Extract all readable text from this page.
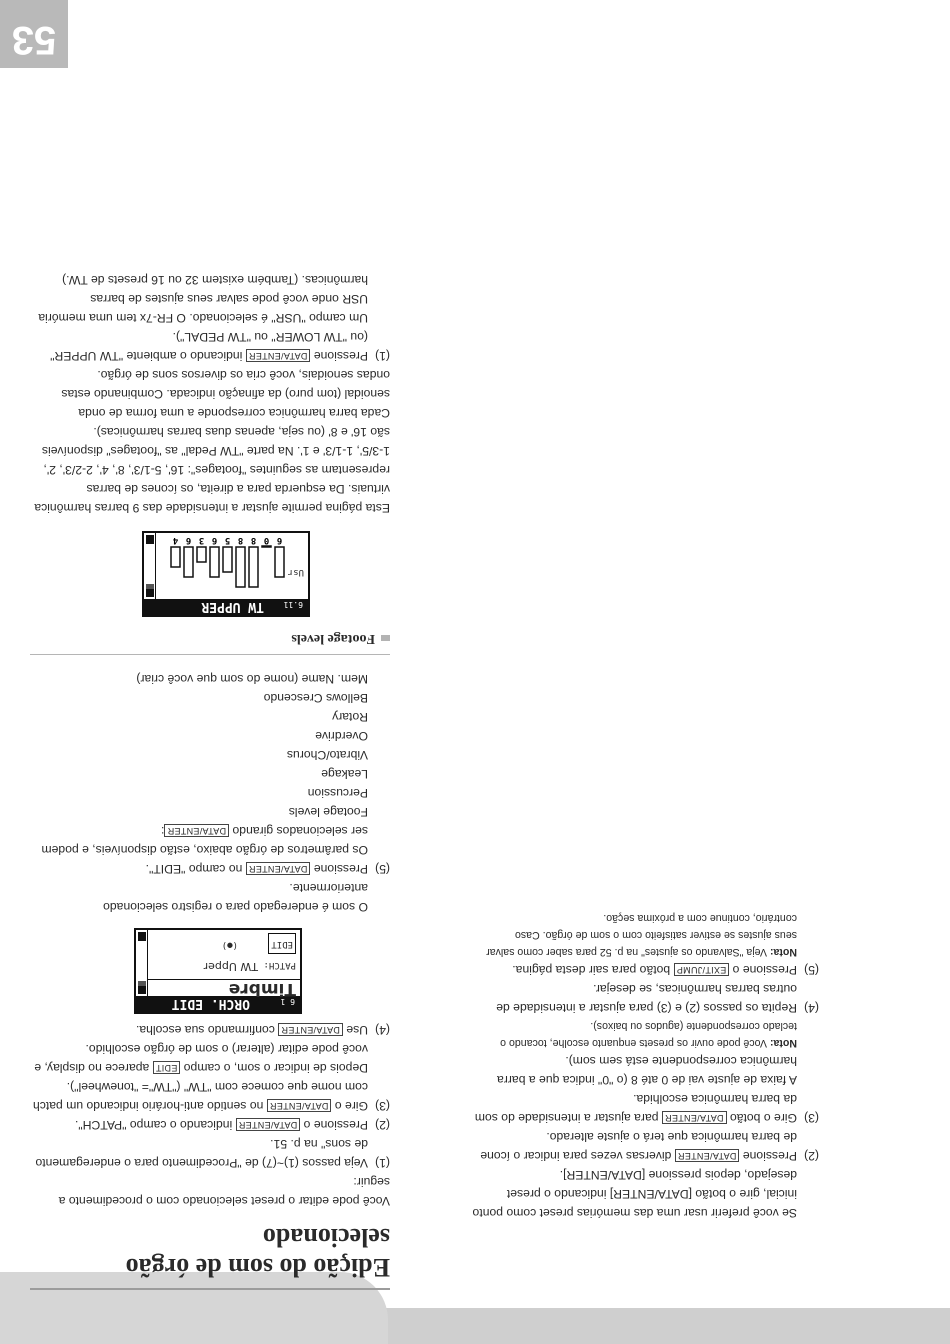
53
Se você preferir usar uma das memórias preset como ponto inicial, gire o botão [DATA/ENTER] indicando o preset desejado, depois pressione [DATA/ENTER].
(2)
Pressione DATA/ENTER diversas vezes para indicar o ícone de barra harmônica que terá o ajuste alterado.
(3)
Gire o botão DATA/ENTER para ajustar a intensidade do som da barra harmônica escolhida.
A faixa de ajuste vai de 0 até 8 (o "0" indica que a barra harmônica correspondente está sem som).
Nota: Você pode ouvir os presets enquanto escolhe, tocando o teclado correspondente (agudos ou baixos).
(4)
Repita os passos (2) e (3) para ajustar a intensidade de outras barras harmônicas, se desejar.
(5)
Pressione o EXIT/JUMP botão para sair desta página.
Nota: Veja "Salvando os ajustes" na p. 52 para saber como salvar seus ajustes se estiver satisfeito com o som de órgão. Caso contrário, continue com a próxima seção.
Edição do som de órgão selecionado
Você pode editar o preset selecionado com o procedimento a seguir:
(1)
Veja passos (1)~(7) de "Procedimento para o enderegamento de sons" na p. 51.
(2)
Pressione o DATA/ENTER indicando o campo "PATCH".
(3)
Gire o DATA/ENTER no sentido anti-horário indicando um patch com nome que comece com "TW" ("TW"= "tonewheel").
Depois de indicar o som, o campo EDIT aparece no display, e você pode editar (alterar) o som de órgão escolhido.
(4)
Use DATA/ENTER confirmando sua escolha.
6 1
ORCH. EDIT
Timbre
PATCH:
TW Upper
EDIT
(●)
O som é enderegado para o registro selecionado anteriormente.
(5)
Pressione DATA/ENTER no campo "EDIT".
Os parâmetros de órgão abaixo, estão disponíveis, e podem ser selecionados girando DATA/ENTER:
Footage levels
Percussion
Leakage
Vibrato/Chorus
Overdrive
Rotary
Bellows Crescendo
Mem. Name (nome do som que você criar)
Footage levels
6.11
TW UPPER
Usr
6
0
8
8
5
6
3
6
4
Esta página permite ajustar a intensidade das 9 barras harmônica virtuais. Da esquerda para a direita, os ícones de barras representam as seguintes "footages": 16', 5-1/3', 8', 4', 2-2/3', 2', 1-3/5', 1-1/3' e 1'. Na parte "TW Pedal" as "footages" disponíveis são 16' e 8' (ou seja, apenas duas barras harmônicas).
Cada barra harmônica corresponde a uma forma de onda senoidal (tom puro) da afinação indicada. Combinando estas ondas senoidais, você cria os diversos sons de órgão.
(1)
Pressione DATA/ENTER indicando o ambiente "TW UPPER" (ou "TW LOWER" ou "TW PEDAL").
Um campo "USR" é selecionado. O FR-7x tem uma memória USR onde você pode salvar seus ajustes de barras harmônicas. (Também existem 32 ou 16 presets de TW.)
